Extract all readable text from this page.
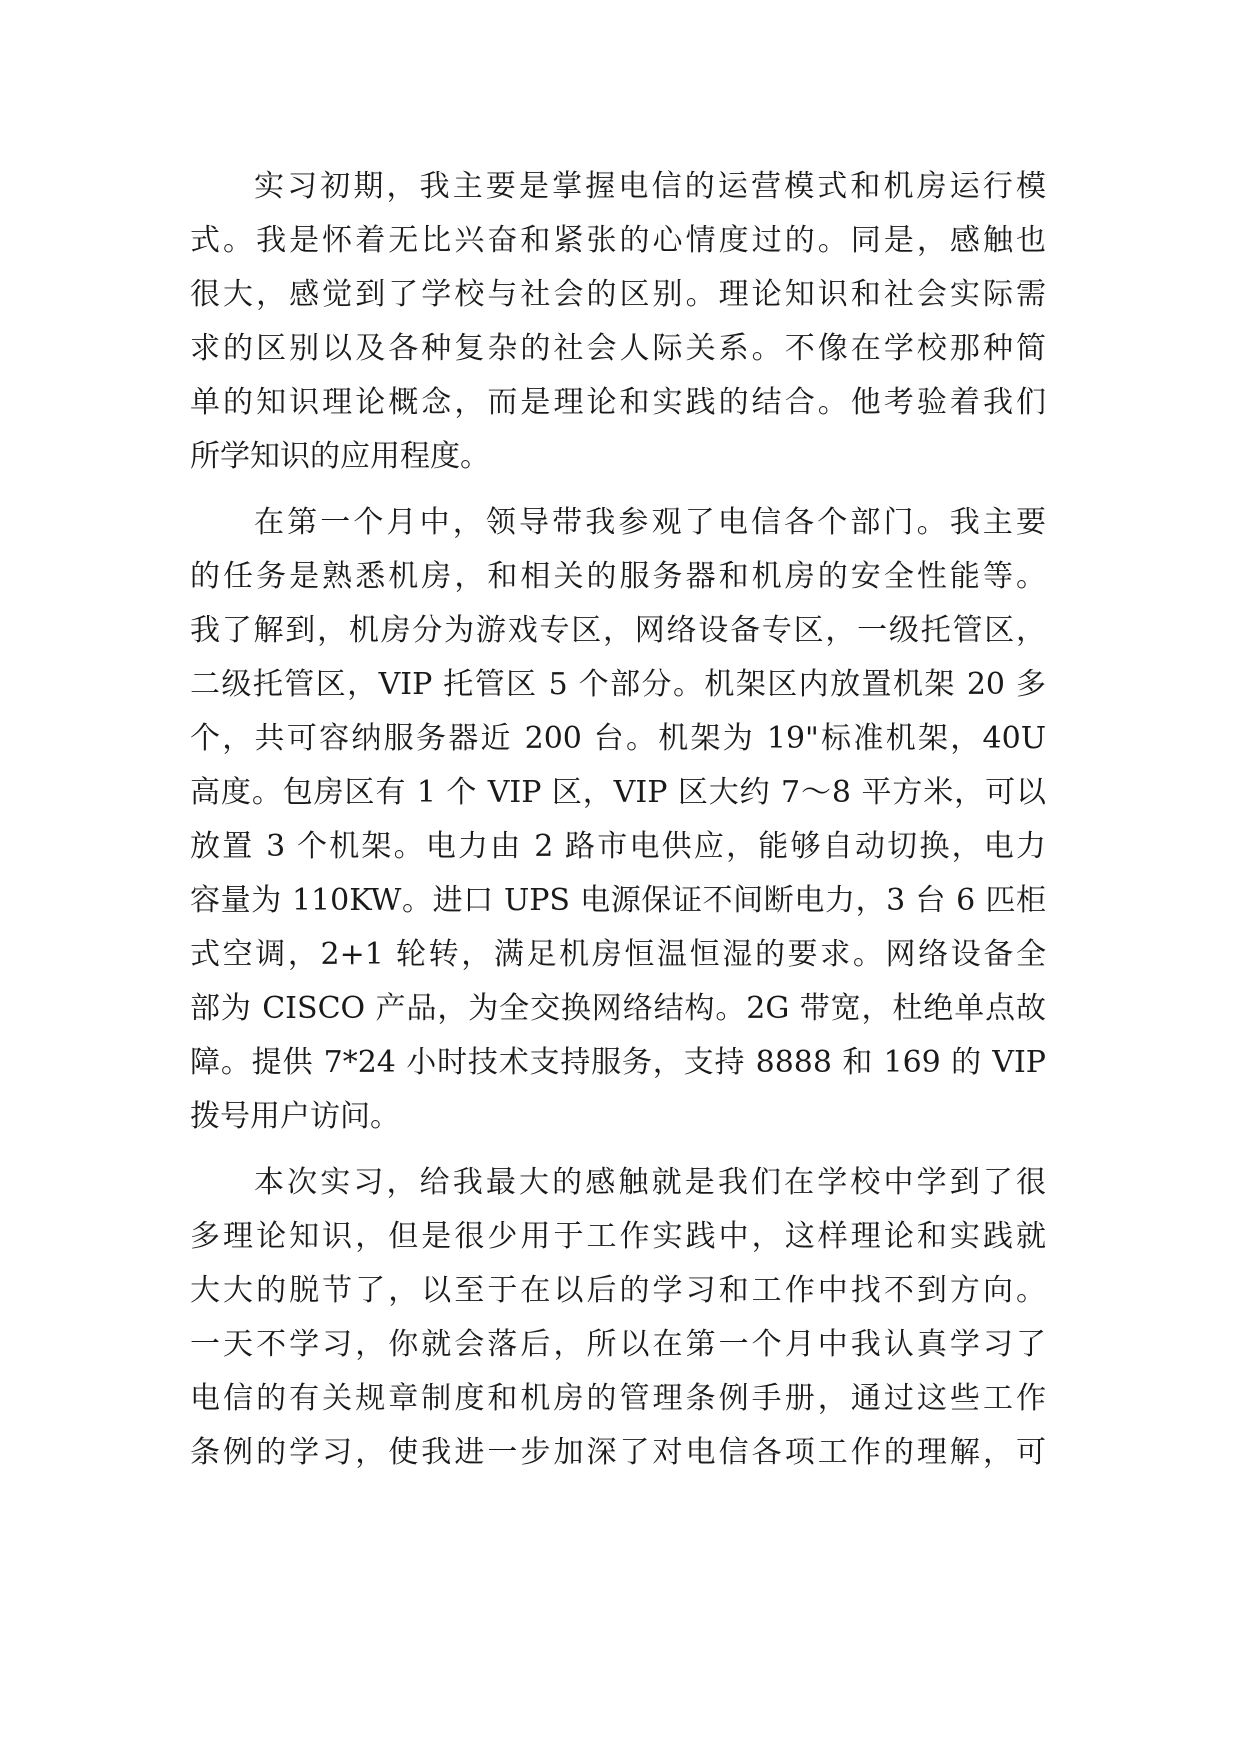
实习初期，我主要是掌握电信的运营模式和机房运行模
式。我是怀着无比兴奋和紧张的心情度过的。同是，感触也
很大，感觉到了学校与社会的区别。理论知识和社会实际需
求的区别以及各种复杂的社会人际关系。不像在学校那种简
单的知识理论概念，而是理论和实践的结合。他考验着我们
所学知识的应用程度。
在第一个月中，领导带我参观了电信各个部门。我主要
的任务是熟悉机房，和相关的服务器和机房的安全性能等。
我了解到，机房分为游戏专区，网络设备专区，一级托管区，
二级托管区，VIP 托管区 5 个部分。机架区内放置机架 20 多
个，共可容纳服务器近 200 台。机架为 19"标准机架，40U
高度。包房区有 1 个 VIP 区，VIP 区大约 7～8 平方米，可以
放置 3 个机架。电力由 2 路市电供应，能够自动切换，电力
容量为 110KW。进口 UPS 电源保证不间断电力，3 台 6 匹柜
式空调，2+1 轮转，满足机房恒温恒湿的要求。网络设备全
部为 CISCO 产品，为全交换网络结构。2G 带宽，杜绝单点故
障。提供 7*24 小时技术支持服务，支持 8888 和 169 的 VIP
拨号用户访问。
本次实习，给我最大的感触就是我们在学校中学到了很
多理论知识，但是很少用于工作实践中，这样理论和实践就
大大的脱节了，以至于在以后的学习和工作中找不到方向。
一天不学习，你就会落后，所以在第一个月中我认真学习了
电信的有关规章制度和机房的管理条例手册，通过这些工作
条例的学习，使我进一步加深了对电信各项工作的理解，可
